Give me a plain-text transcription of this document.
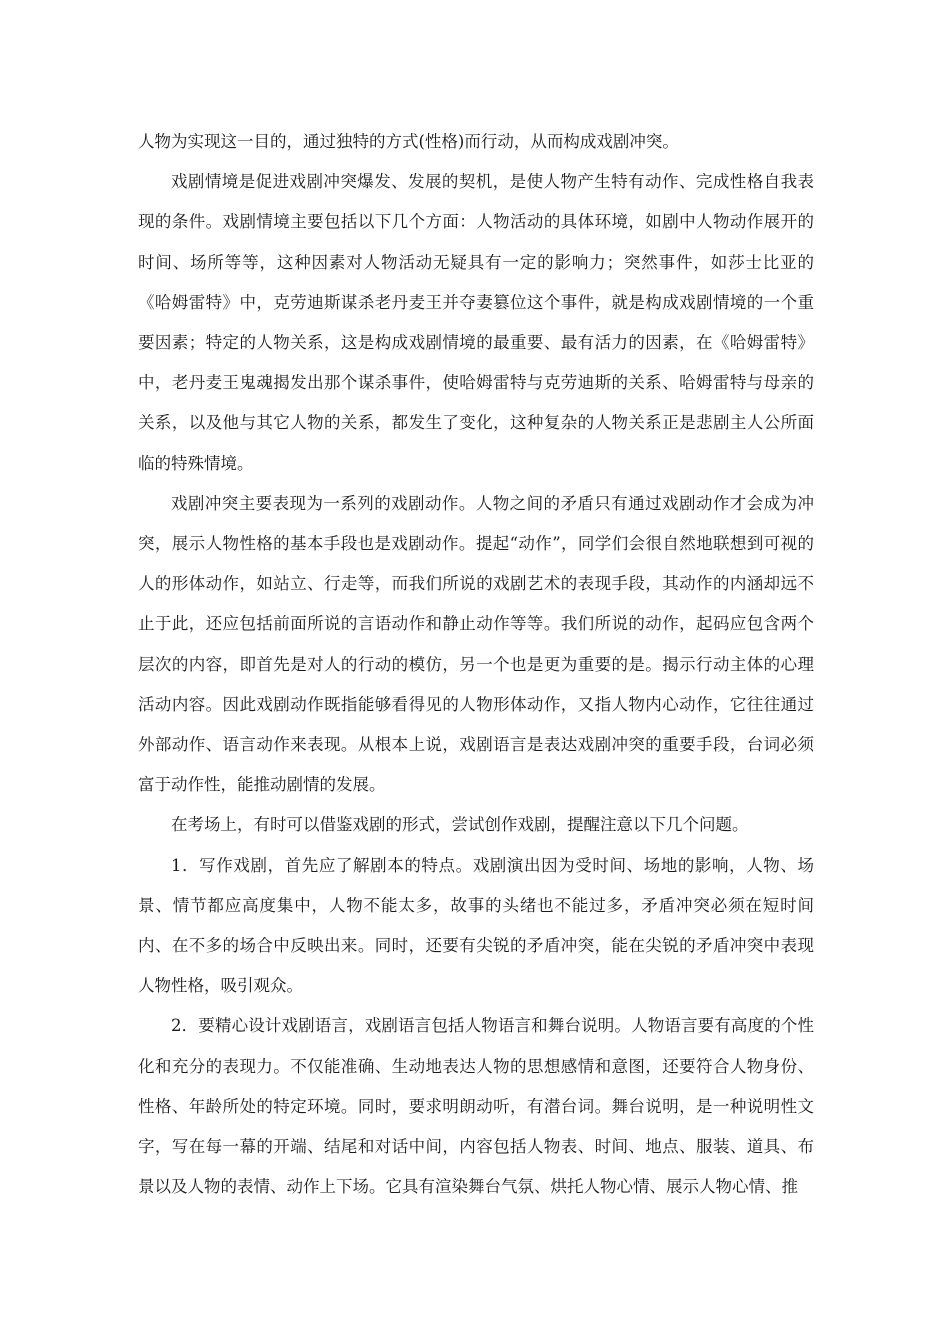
人物为实现这一目的，通过独特的方式(性格)而行动，从而构成戏剧冲突。

戏剧情境是促进戏剧冲突爆发、发展的契机，是使人物产生特有动作、完成性格自我表现的条件。戏剧情境主要包括以下几个方面：人物活动的具体环境，如剧中人物动作展开的时间、场所等等，这种因素对人物活动无疑具有一定的影响力；突然事件，如莎士比亚的《哈姆雷特》中，克劳迪斯谋杀老丹麦王并夺妻篡位这个事件，就是构成戏剧情境的一个重要因素；特定的人物关系，这是构成戏剧情境的最重要、最有活力的因素，在《哈姆雷特》中，老丹麦王鬼魂揭发出那个谋杀事件，使哈姆雷特与克劳迪斯的关系、哈姆雷特与母亲的关系，以及他与其它人物的关系，都发生了变化，这种复杂的人物关系正是悲剧主人公所面临的特殊情境。

戏剧冲突主要表现为一系列的戏剧动作。人物之间的矛盾只有通过戏剧动作才会成为冲突，展示人物性格的基本手段也是戏剧动作。提起“动作”，同学们会很自然地联想到可视的人的形体动作，如站立、行走等，而我们所说的戏剧艺术的表现手段，其动作的内涵却远不止于此，还应包括前面所说的言语动作和静止动作等等。我们所说的动作，起码应包含两个层次的内容，即首先是对人的行动的模仿，另一个也是更为重要的是。揭示行动主体的心理活动内容。因此戏剧动作既指能够看得见的人物形体动作，又指人物内心动作，它往往通过外部动作、语言动作来表现。从根本上说，戏剧语言是表达戏剧冲突的重要手段，台词必须富于动作性，能推动剧情的发展。

在考场上，有时可以借鉴戏剧的形式，尝试创作戏剧，提醒注意以下几个问题。

1．写作戏剧，首先应了解剧本的特点。戏剧演出因为受时间、场地的影响，人物、场景、情节都应高度集中，人物不能太多，故事的头绪也不能过多，矛盾冲突必须在短时间内、在不多的场合中反映出来。同时，还要有尖锐的矛盾冲突，能在尖锐的矛盾冲突中表现人物性格，吸引观众。

2．要精心设计戏剧语言，戏剧语言包括人物语言和舞台说明。人物语言要有高度的个性化和充分的表现力。不仅能准确、生动地表达人物的思想感情和意图，还要符合人物身份、性格、年龄所处的特定环境。同时，要求明朗动听，有潜台词。舞台说明，是一种说明性文字，写在每一幕的开端、结尾和对话中间，内容包括人物表、时间、地点、服装、道具、布景以及人物的表情、动作上下场。它具有渲染舞台气氛、烘托人物心情、展示人物心情、推
